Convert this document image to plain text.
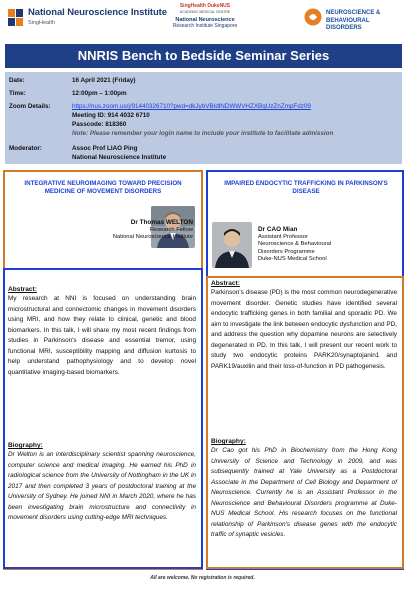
National Neuroscience Institute
SingHealth
SingHealth DukeNUS
ACADEMIC MEDICAL CENTRE
National Neuroscience
Research Institute Singapore
NEUROSCIENCE &
BEHAVIOURAL
DISORDERS
NNRIS Bench to Bedside Seminar Series
Date:	16 April 2021 (Friday)
Time:	12:00pm – 1:00pm
Zoom Details:	https://nus.zoom.us/j/91440326710?pwd=dkJybVBIdlNDWWVHZXBqUzZnZmpFdz09
Meeting ID: 914 4032 6710
Passcode: 818360
Note: Please remember your login name to include your institute to facilitate admission
Moderator:	Assoc Prof LIAO Ping
National Neuroscience Institute
INTEGRATIVE NEUROIMAGING TOWARD PRECISION MEDICINE OF MOVEMENT DISORDERS
Dr Thomas WELTON
Research Fellow
National Neuroscience Institute
Abstract:
My research at NNI is focused on understanding brain microstructural and connectomic changes in movement disorders using MRI, and how they relate to clinical, genetic and blood biomarkers. In this talk, I will share my most recent findings from studies in Parkinson's disease and essential tremor, using functional MRI, susceptibility mapping and diffusion kurtosis to help understand pathophysiology and to develop novel quantitative imaging-based biomarkers.
Biography:
Dr Welton is an interdisciplinary scientist spanning neuroscience, computer science and medical imaging. He earned his PhD in radiological science from the University of Nottingham in the UK in 2017 and then completed 3 years of postdoctoral training at the University of Sydney. He joined NNI in March 2020, where he has been investigating brain microstructure and connectivity in movement disorders using cutting-edge MRI techniques.
IMPAIRED ENDOCYTIC TRAFFICKING IN PARKINSON'S DISEASE
Dr CAO Mian
Assistant Professor
Neuroscience & Behavioural
Disorders Programme
Duke-NUS Medical School
Abstract:
Parkinson's disease (PD) is the most common neurodegenerative movement disorder. Genetic studies have identified several endocytic trafficking genes in both familial and sporadic PD. We aim to investigate the link between endocytic dysfunction and PD, and address the question why dopamine neurons are selectively degenerated in PD. In this talk, I will present our recent work to study two endocytic proteins PARK20/synaptojanin1 and PARK19/auxilin and their loss-of-function in PD pathogenesis.
Biography:
Dr Cao got his PhD in Biochemistry from the Hong Kong University of Science and Technology in 2009, and was subsequently trained at Yale University as a Postdoctoral Associate in the Department of Cell Biology and Department of Neuroscience. Currently he is an Assistant Professor in the Neuroscience and Behavioural Disorders programme at Duke-NUS Medical School. His research focuses on the functional relationship of Parkinson's disease genes with the endocytic traffic of synaptic vesicles.
All are welcome. No registration is required.
